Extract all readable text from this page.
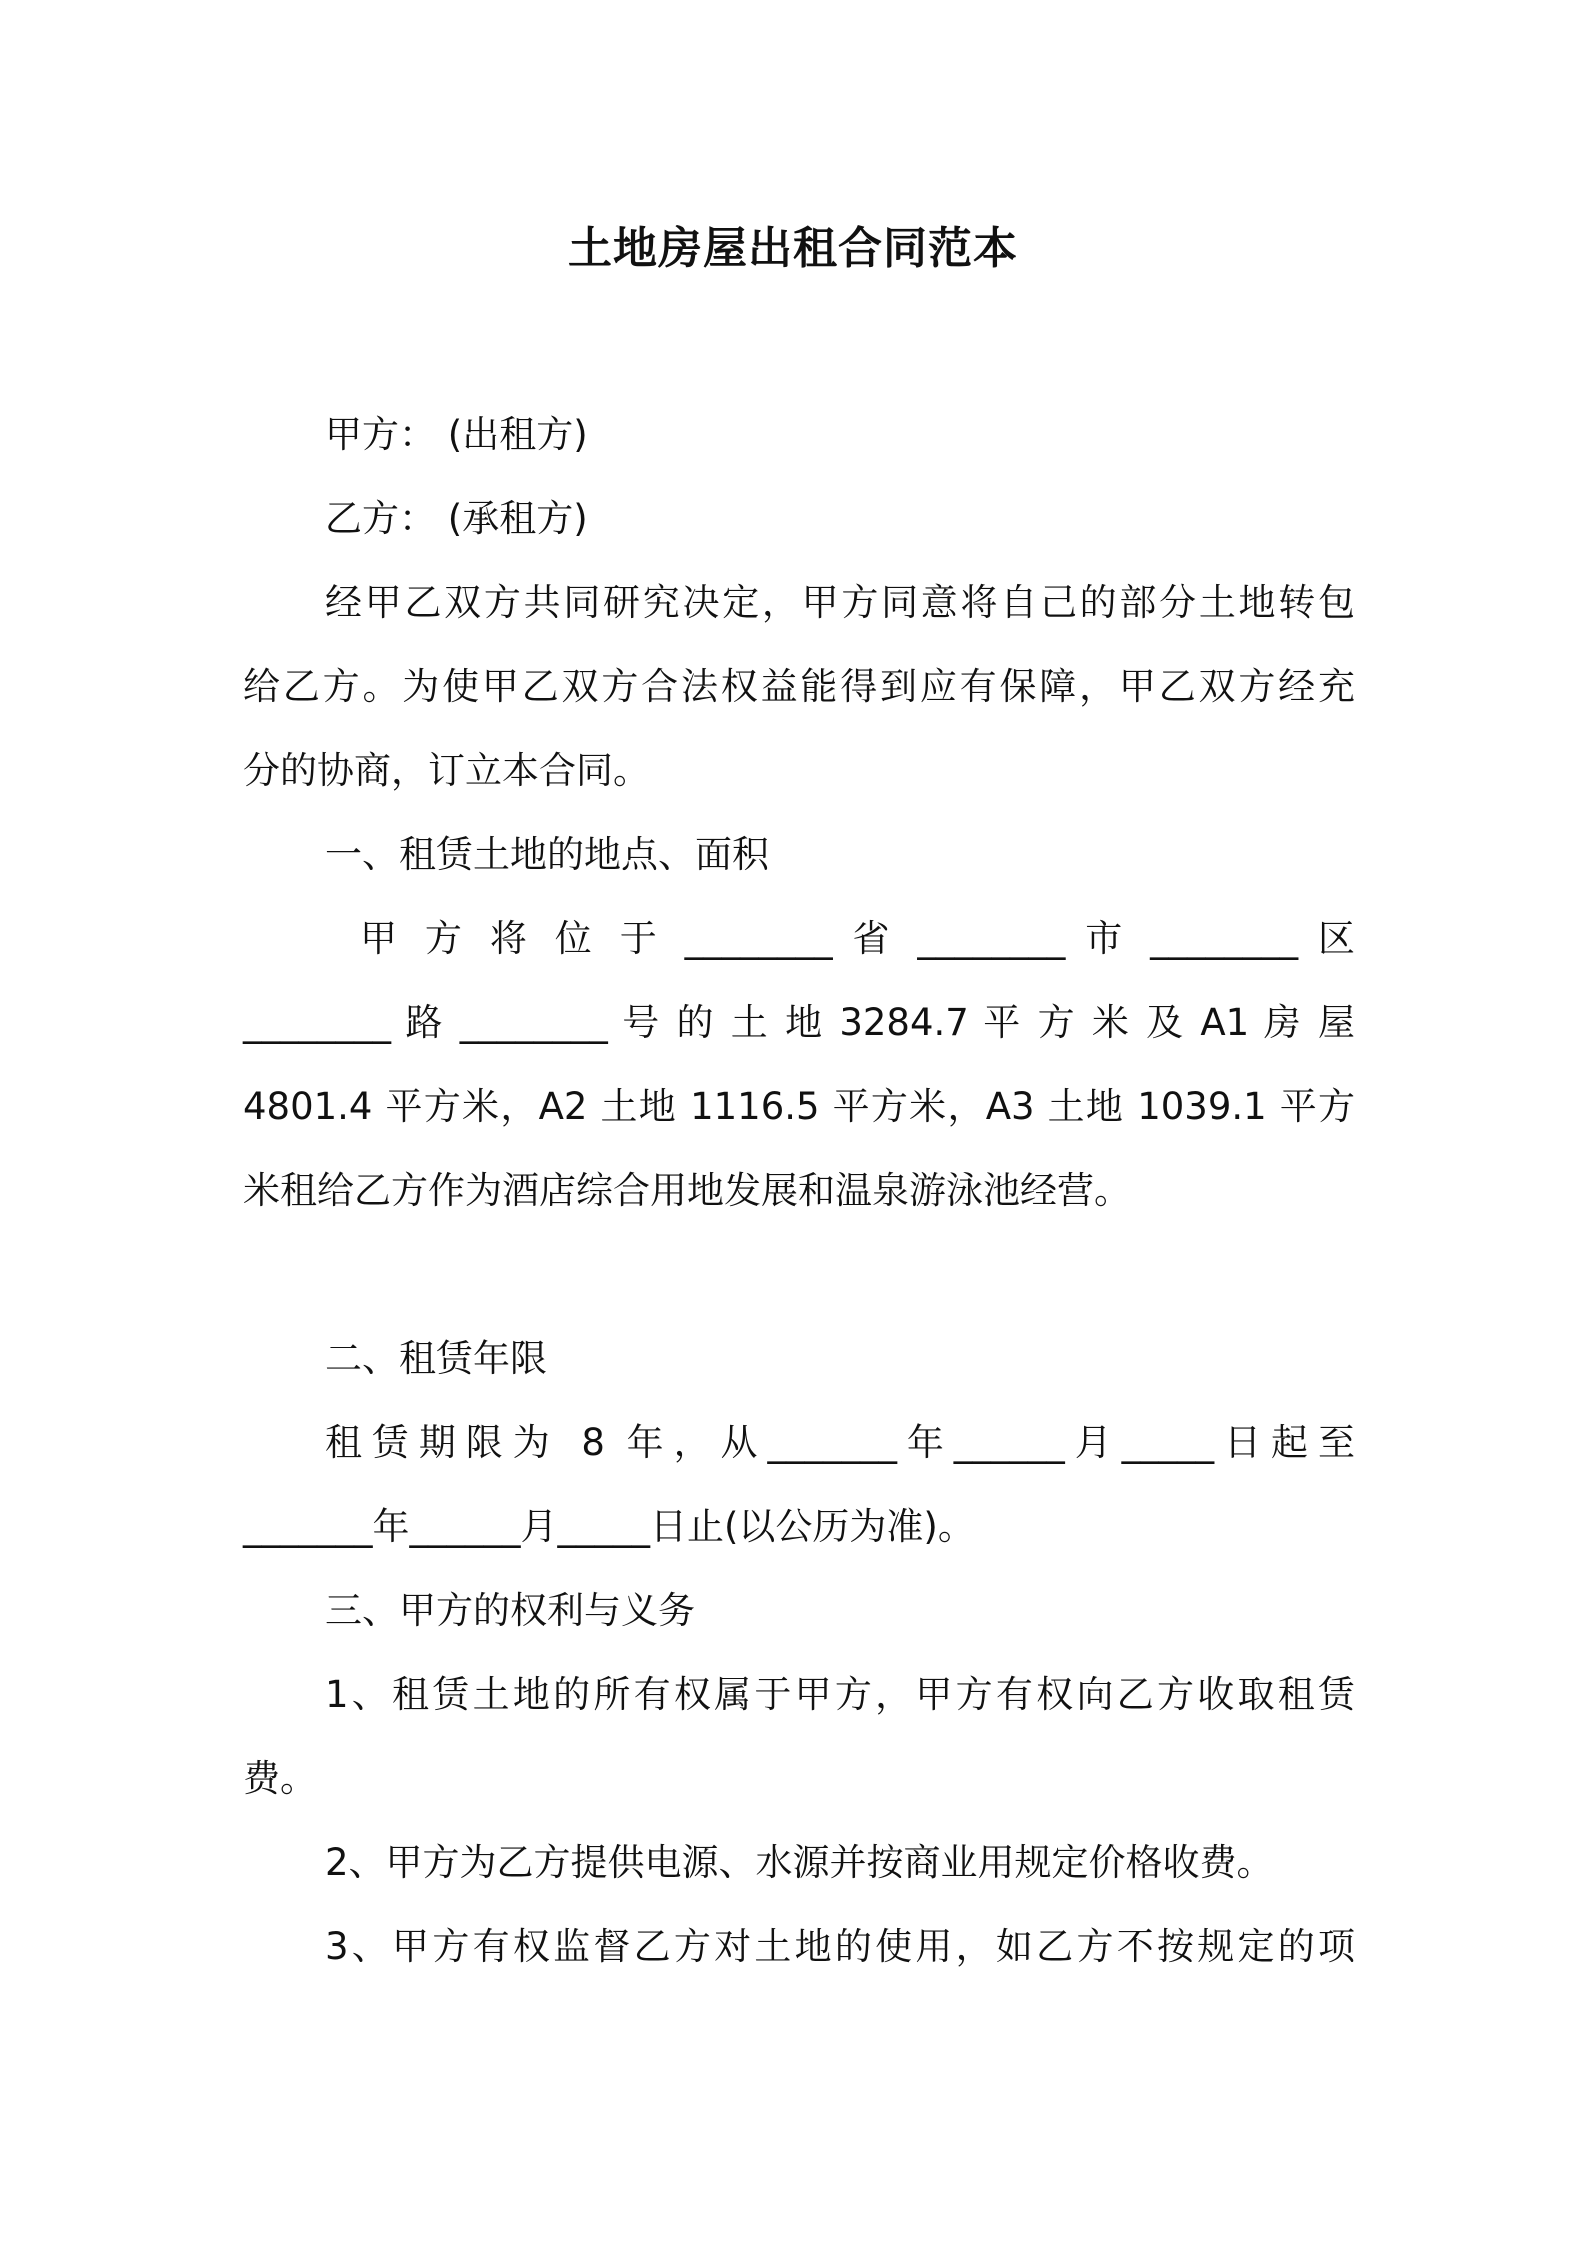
土地房屋出租合同范本
甲方： (出租方)
乙方： (承租方)
经甲乙双方共同研究决定，甲方同意将自己的部分土地转包
给乙方。为使甲乙双方合法权益能得到应有保障，甲乙双方经充
分的协商，订立本合同。
一、租赁土地的地点、面积
甲 方 将 位 于 ________ 省 ________ 市 ________ 区
________ 路 ________ 号 的 土 地 3284.7 平 方 米 及 A1 房 屋
4801.4 平方米，A2 土地 1116.5 平方米，A3 土地 1039.1 平方
米租给乙方作为酒店综合用地发展和温泉游泳池经营。
二、租赁年限
租赁期限为 8 年，从_______年______月_____日起至
_______年______月_____日止(以公历为准)。
三、甲方的权利与义务
1、租赁土地的所有权属于甲方，甲方有权向乙方收取租赁
费。
2、甲方为乙方提供电源、水源并按商业用规定价格收费。
3、甲方有权监督乙方对土地的使用，如乙方不按规定的项
